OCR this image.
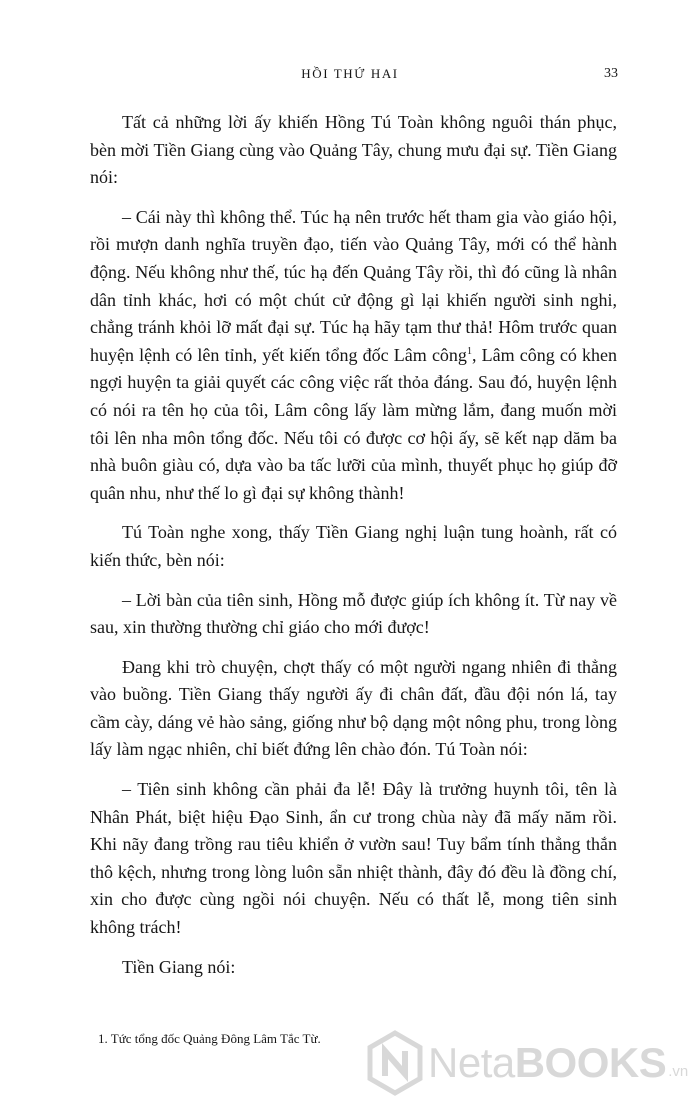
HỒI THỨ HAI	33

Tất cả những lời ấy khiến Hồng Tú Toàn không nguôi thán phục, bèn mời Tiền Giang cùng vào Quảng Tây, chung mưu đại sự. Tiền Giang nói:

– Cái này thì không thể. Túc hạ nên trước hết tham gia vào giáo hội, rồi mượn danh nghĩa truyền đạo, tiến vào Quảng Tây, mới có thể hành động. Nếu không như thế, túc hạ đến Quảng Tây rồi, thì đó cũng là nhân dân tỉnh khác, hơi có một chút cử động gì lại khiến người sinh nghi, chẳng tránh khỏi lỡ mất đại sự. Túc hạ hãy tạm thư thả! Hôm trước quan huyện lệnh có lên tỉnh, yết kiến tổng đốc Lâm công$^1$, Lâm công có khen ngợi huyện ta giải quyết các công việc rất thỏa đáng. Sau đó, huyện lệnh có nói ra tên họ của tôi, Lâm công lấy làm mừng lắm, đang muốn mời tôi lên nha môn tổng đốc. Nếu tôi có được cơ hội ấy, sẽ kết nạp dăm ba nhà buôn giàu có, dựa vào ba tấc lưỡi của mình, thuyết phục họ giúp đỡ quân nhu, như thế lo gì đại sự không thành!

Tú Toàn nghe xong, thấy Tiền Giang nghị luận tung hoành, rất có kiến thức, bèn nói:

– Lời bàn của tiên sinh, Hồng mỗ được giúp ích không ít. Từ nay về sau, xin thường thường chỉ giáo cho mới được!

Đang khi trò chuyện, chợt thấy có một người ngang nhiên đi thẳng vào buồng. Tiền Giang thấy người ấy đi chân đất, đầu đội nón lá, tay cầm cày, dáng vẻ hào sảng, giống như bộ dạng một nông phu, trong lòng lấy làm ngạc nhiên, chỉ biết đứng lên chào đón. Tú Toàn nói:

– Tiên sinh không cần phải đa lễ! Đây là trưởng huynh tôi, tên là Nhân Phát, biệt hiệu Đạo Sinh, ẩn cư trong chùa này đã mấy năm rồi. Khi nãy đang trồng rau tiêu khiển ở vườn sau! Tuy bẩm tính thẳng thắn thô kệch, nhưng trong lòng luôn sẵn nhiệt thành, đây đó đều là đồng chí, xin cho được cùng ngồi nói chuyện. Nếu có thất lễ, mong tiên sinh không trách!

Tiền Giang nói:

1. Tức tổng đốc Quảng Đông Lâm Tắc Từ.
NetaBOOKS .vn
